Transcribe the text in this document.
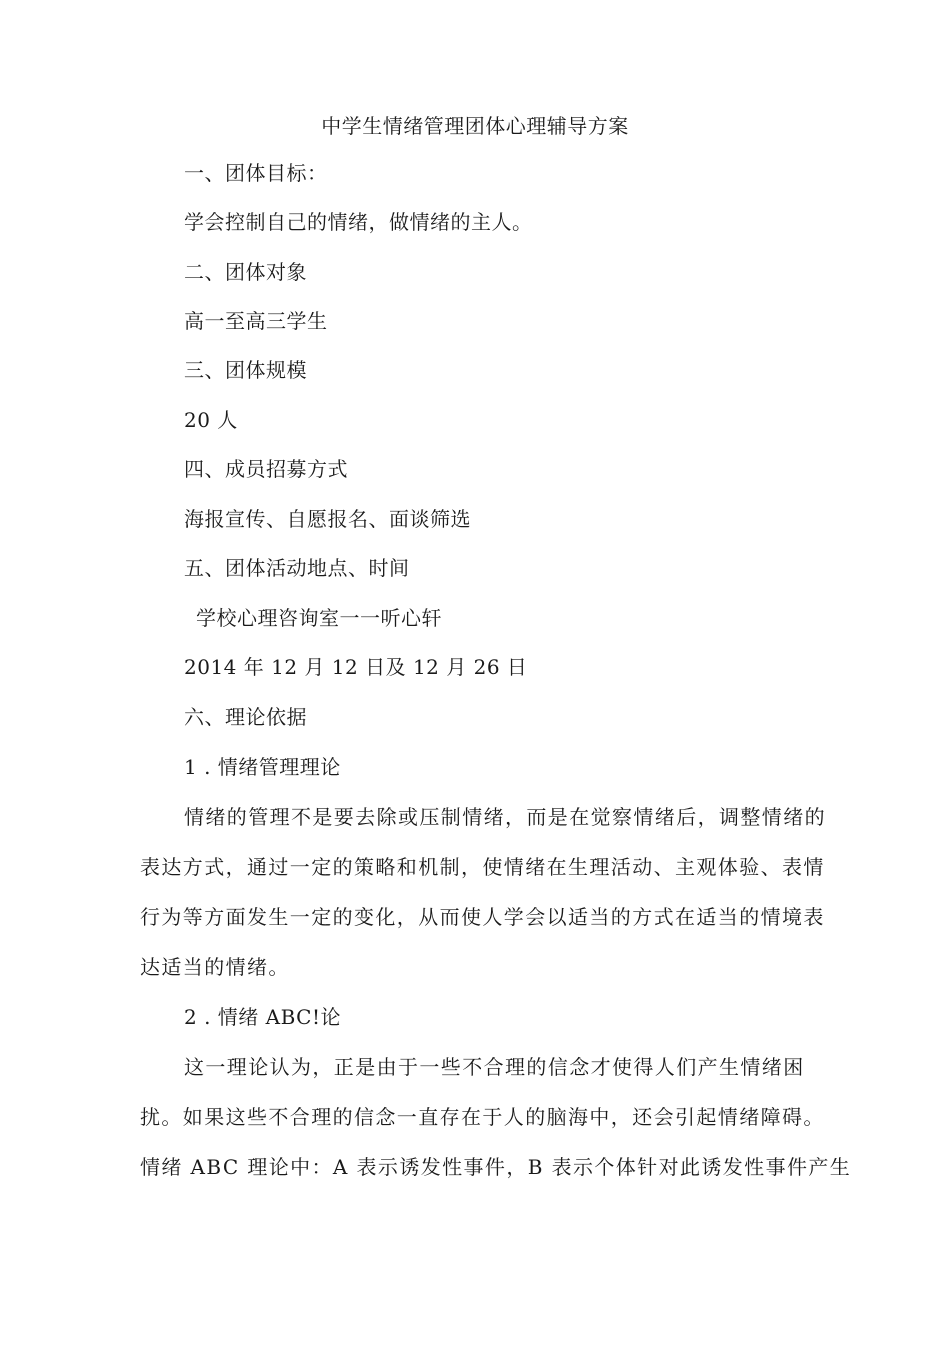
中学生情绪管理团体心理辅导方案
一、团体目标：
学会控制自己的情绪，做情绪的主人。
二、团体对象
高一至高三学生
三、团体规模
20 人
四、成员招募方式
海报宣传、自愿报名、面谈筛选
五、团体活动地点、时间
学校心理咨询室一一听心轩
2014 年 12 月 12 日及 12 月 26 日
六、理论依据
1 . 情绪管理理论
情绪的管理不是要去除或压制情绪，而是在觉察情绪后，调整情绪的
表达方式，通过一定的策略和机制，使情绪在生理活动、主观体验、表情
行为等方面发生一定的变化，从而使人学会以适当的方式在适当的情境表
达适当的情绪。
2 . 情绪 ABC!论
这一理论认为，正是由于一些不合理的信念才使得人们产生情绪困
扰。如果这些不合理的信念一直存在于人的脑海中，还会引起情绪障碍。
情绪 ABC 理论中：A 表示诱发性事件，B 表示个体针对此诱发性事件产生
